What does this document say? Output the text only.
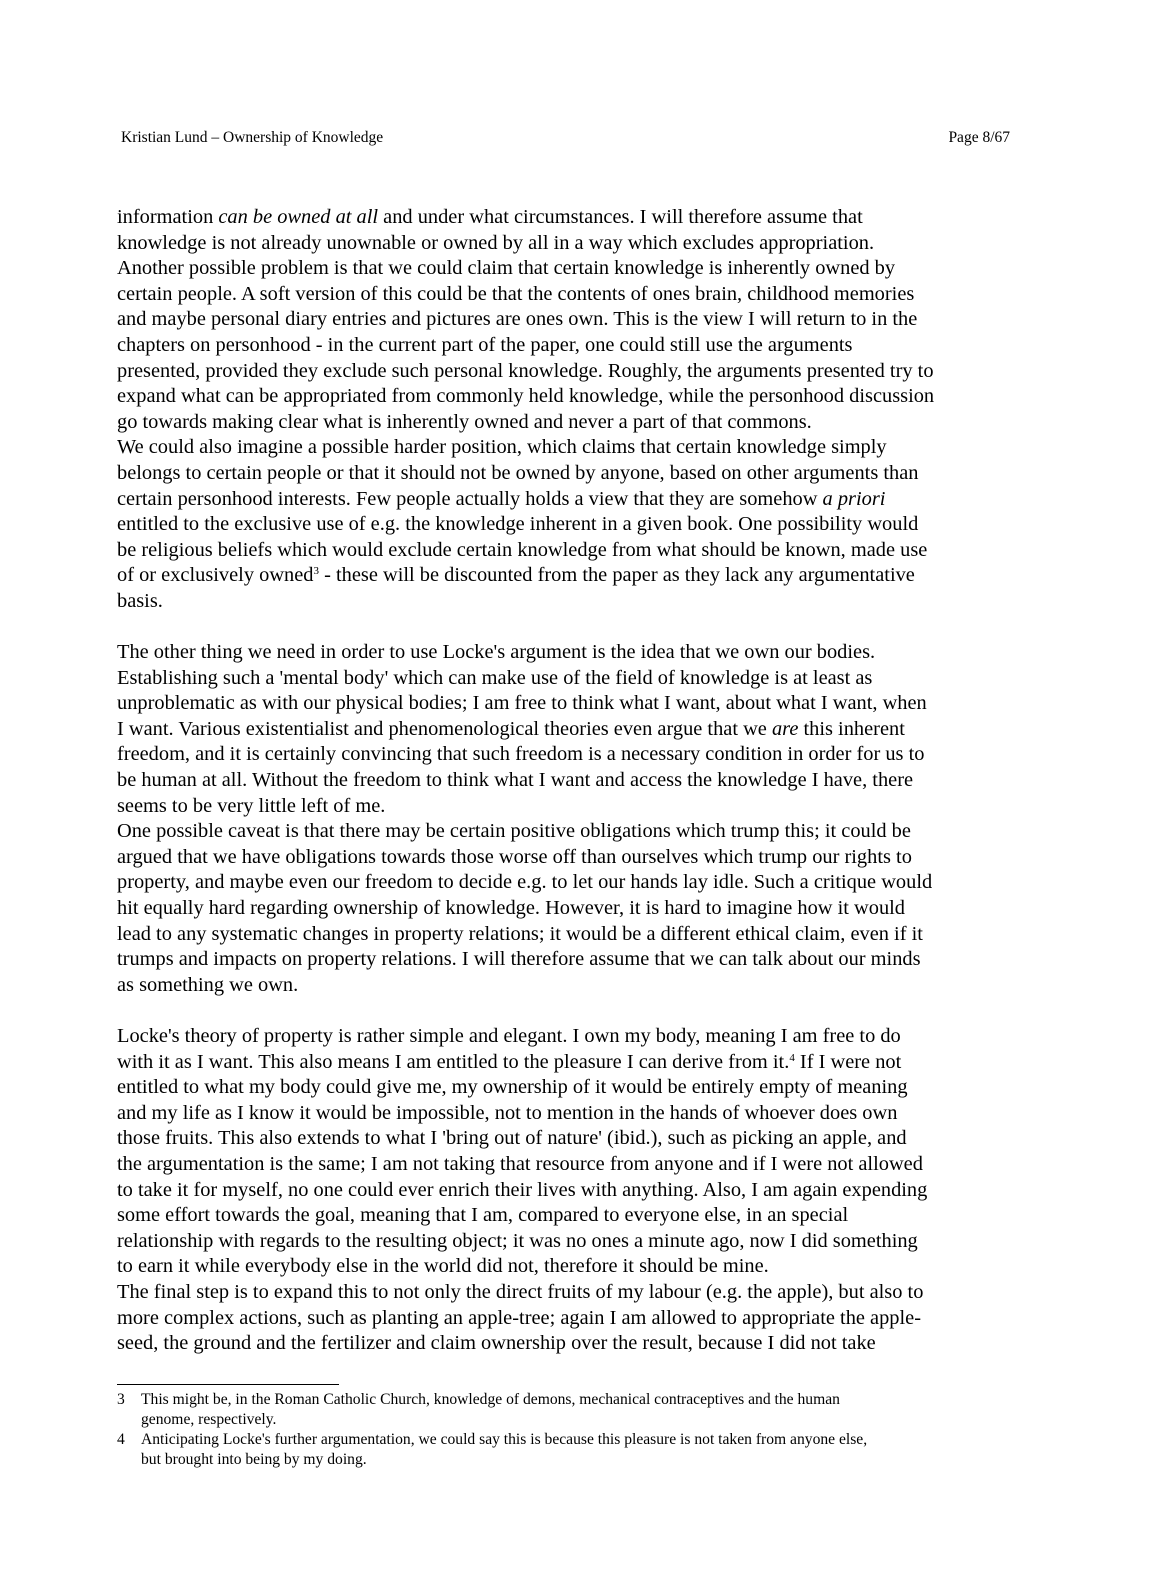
Kristian Lund – Ownership of Knowledge	Page 8/67
information can be owned at all and under what circumstances. I will therefore assume that
knowledge is not already unownable or owned by all in a way which excludes appropriation.
Another possible problem is that we could claim that certain knowledge is inherently owned by
certain people. A soft version of this could be that the contents of ones brain, childhood memories
and maybe personal diary entries and pictures are ones own. This is the view I will return to in the
chapters on personhood - in the current part of the paper, one could still use the arguments
presented, provided they exclude such personal knowledge. Roughly, the arguments presented try to
expand what can be appropriated from commonly held knowledge, while the personhood discussion
go towards making clear what is inherently owned and never a part of that commons.
We could also imagine a possible harder position, which claims that certain knowledge simply
belongs to certain people or that it should not be owned by anyone, based on other arguments than
certain personhood interests. Few people actually holds a view that they are somehow a priori
entitled to the exclusive use of e.g. the knowledge inherent in a given book. One possibility would
be religious beliefs which would exclude certain knowledge from what should be known, made use
of or exclusively owned$^3$ - these will be discounted from the paper as they lack any argumentative
basis.
The other thing we need in order to use Locke's argument is the idea that we own our bodies.
Establishing such a 'mental body' which can make use of the field of knowledge is at least as
unproblematic as with our physical bodies; I am free to think what I want, about what I want, when
I want. Various existentialist and phenomenological theories even argue that we are this inherent
freedom, and it is certainly convincing that such freedom is a necessary condition in order for us to
be human at all. Without the freedom to think what I want and access the knowledge I have, there
seems to be very little left of me.
One possible caveat is that there may be certain positive obligations which trump this; it could be
argued that we have obligations towards those worse off than ourselves which trump our rights to
property, and maybe even our freedom to decide e.g. to let our hands lay idle. Such a critique would
hit equally hard regarding ownership of knowledge. However, it is hard to imagine how it would
lead to any systematic changes in property relations; it would be a different ethical claim, even if it
trumps and impacts on property relations. I will therefore assume that we can talk about our minds
as something we own.
Locke's theory of property is rather simple and elegant. I own my body, meaning I am free to do
with it as I want. This also means I am entitled to the pleasure I can derive from it.$^4$ If I were not
entitled to what my body could give me, my ownership of it would be entirely empty of meaning
and my life as I know it would be impossible, not to mention in the hands of whoever does own
those fruits. This also extends to what I 'bring out of nature' (ibid.), such as picking an apple, and
the argumentation is the same; I am not taking that resource from anyone and if I were not allowed
to take it for myself, no one could ever enrich their lives with anything. Also, I am again expending
some effort towards the goal, meaning that I am, compared to everyone else, in an special
relationship with regards to the resulting object; it was no ones a minute ago, now I did something
to earn it while everybody else in the world did not, therefore it should be mine.
The final step is to expand this to not only the direct fruits of my labour (e.g. the apple), but also to
more complex actions, such as planting an apple-tree; again I am allowed to appropriate the apple-
seed, the ground and the fertilizer and claim ownership over the result, because I did not take
3 This might be, in the Roman Catholic Church, knowledge of demons, mechanical contraceptives and the human
genome, respectively.
4 Anticipating Locke's further argumentation, we could say this is because this pleasure is not taken from anyone else,
but brought into being by my doing.
